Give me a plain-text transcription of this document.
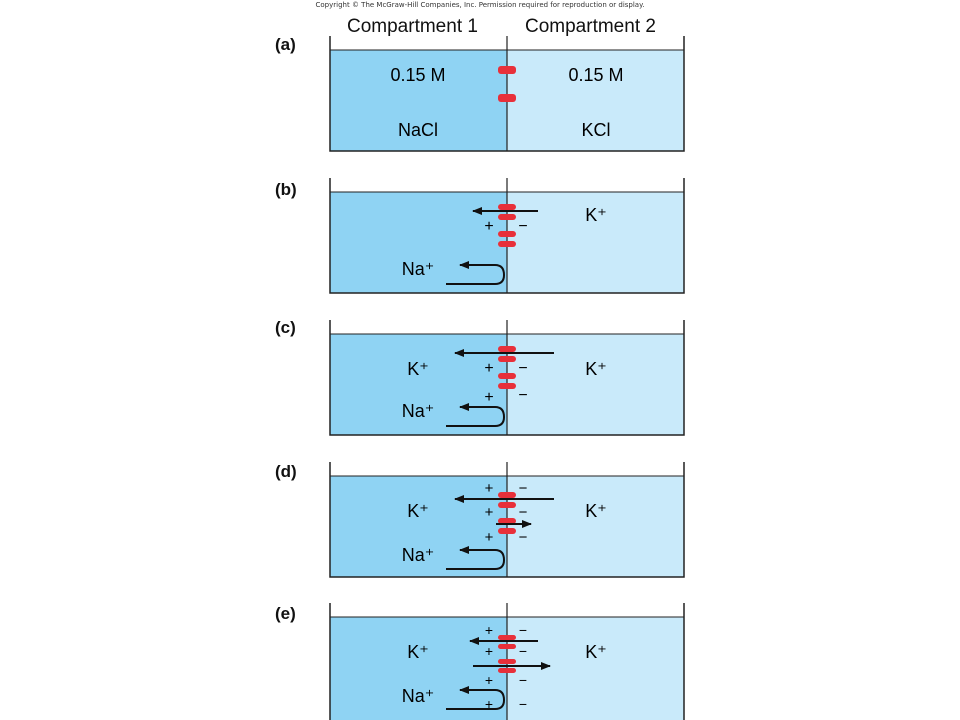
Copyright © The McGraw-Hill Companies, Inc. Permission required for reproduction or display.
Compartment 1 Compartment 2
(a)
(b)
(c)
(d)
(e)
0.15 M
NaCl
0.15 M
KCl
+ −
Na⁺
K⁺
+ −
+ −
K⁺
Na⁺
K⁺
+ −
+ −
+ −
K⁺
Na⁺
K⁺
+ −
+ −
+ −
+ −
K⁺
Na⁺
K⁺
